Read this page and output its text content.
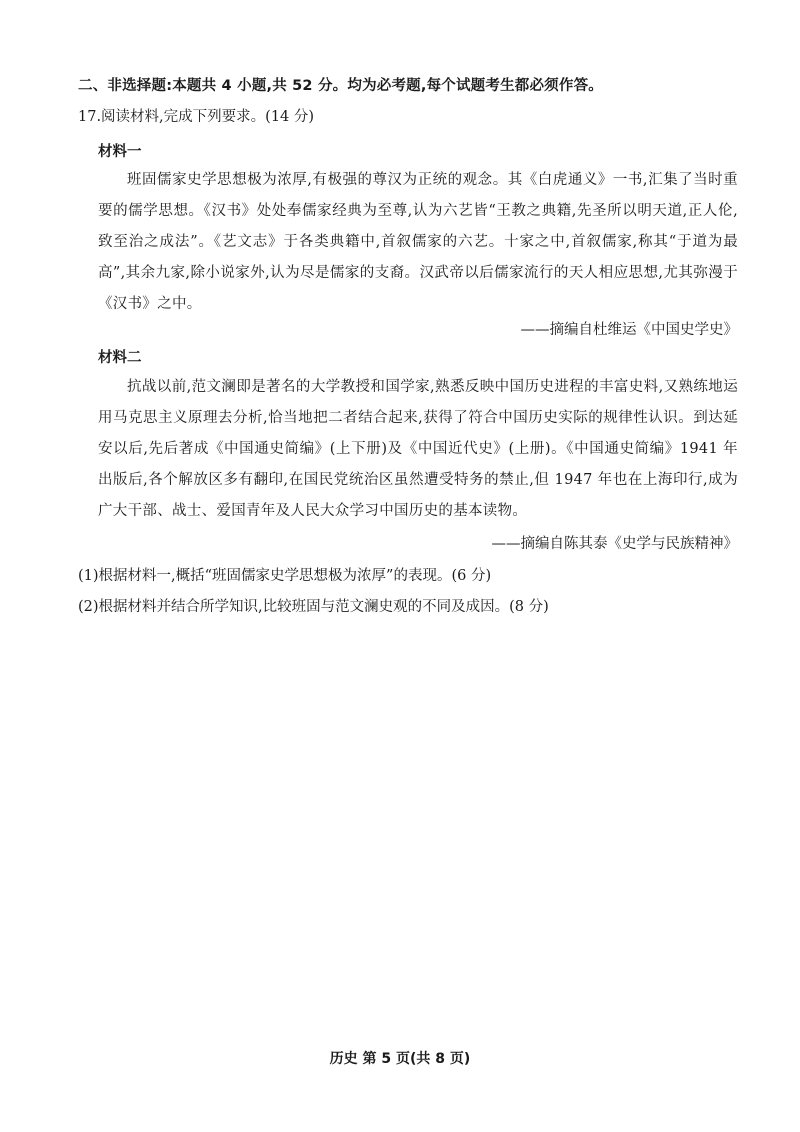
二、非选择题:本题共 4 小题,共 52 分。均为必考题,每个试题考生都必须作答。
17.阅读材料,完成下列要求。(14 分)
材料一
班固儒家史学思想极为浓厚,有极强的尊汉为正统的观念。其《白虎通义》一书,汇集了当时重要的儒学思想。《汉书》处处奉儒家经典为至尊,认为六艺皆“王教之典籍,先圣所以明天道,正人伦,致至治之成法”。《艺文志》于各类典籍中,首叙儒家的六艺。十家之中,首叙儒家,称其“于道为最高”,其余九家,除小说家外,认为尽是儒家的支裔。汉武帝以后儒家流行的天人相应思想,尤其弥漫于《汉书》之中。
——摘编自杜维运《中国史学史》
材料二
抗战以前,范文澜即是著名的大学教授和国学家,熟悉反映中国历史进程的丰富史料,又熟练地运用马克思主义原理去分析,恰当地把二者结合起来,获得了符合中国历史实际的规律性认识。到达延安以后,先后著成《中国通史简编》(上下册)及《中国近代史》(上册)。《中国通史简编》1941 年出版后,各个解放区多有翻印,在国民党统治区虽然遭受特务的禁止,但 1947 年也在上海印行,成为广大干部、战士、爱国青年及人民大众学习中国历史的基本读物。
——摘编自陈其泰《史学与民族精神》
(1)根据材料一,概括“班固儒家史学思想极为浓厚”的表现。(6 分)
(2)根据材料并结合所学知识,比较班固与范文澜史观的不同及成因。(8 分)
历史 第 5 页(共 8 页)
